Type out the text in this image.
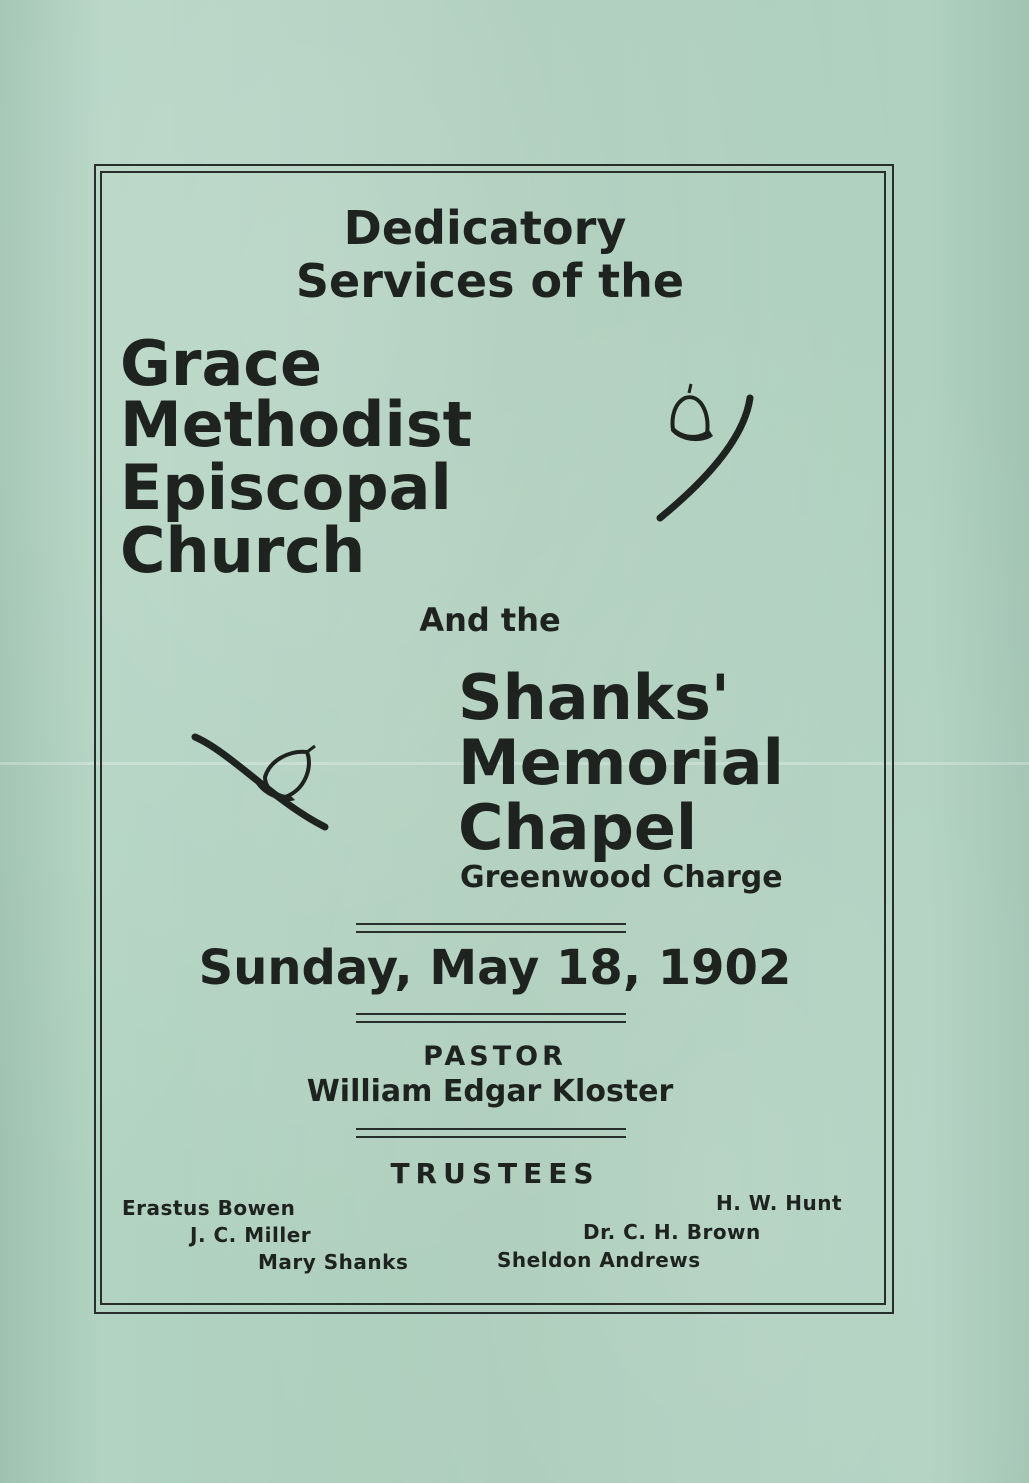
Dedicatory
Services of the
Grace
Methodist
Episcopal
Church
And the
Shanks'
Memorial
Chapel
Greenwood Charge
Sunday, May 18, 1902
PASTOR
William Edgar Kloster
TRUSTEES
Erastus Bowen
J. C. Miller
Mary Shanks
H. W. Hunt
Dr. C. H. Brown
Sheldon Andrews
